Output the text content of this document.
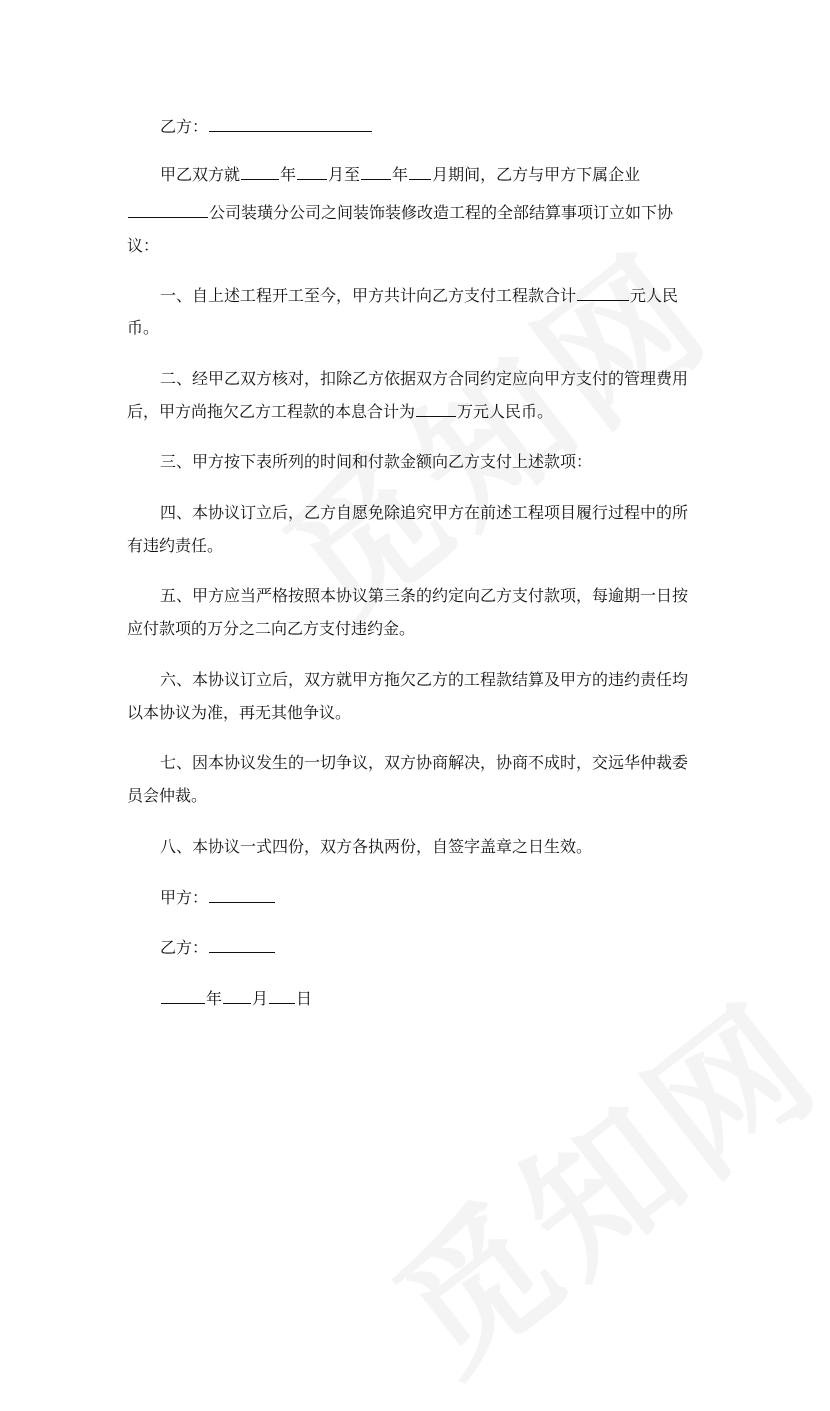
乙方：
甲乙双方就	年 月至 年 月期间，乙方与甲方下属企业
公司装璜分公司之间装饰装修改造工程的全部结算事项订立如下协
议：
一、自上述工程开工至今，甲方共计向乙方支付工程款合计	元人民
币。
二、经甲乙双方核对，扣除乙方依据双方合同约定应向甲方支付的管理费用
后，甲方尚拖欠乙方工程款的本息合计为	万元人民币。
三、甲方按下表所列的时间和付款金额向乙方支付上述款项：
四、本协议订立后，乙方自愿免除追究甲方在前述工程项目履行过程中的所
有违约责任。
五、甲方应当严格按照本协议第三条的约定向乙方支付款项，每逾期一日按
应付款项的万分之二向乙方支付违约金。
六、本协议订立后，双方就甲方拖欠乙方的工程款结算及甲方的违约责任均
以本协议为准，再无其他争议。
七、因本协议发生的一切争议，双方协商解决，协商不成时，交远华仲裁委
员会仲裁。
八、本协议一式四份，双方各执两份，自签字盖章之日生效。
甲方：
乙方：
年 月 日
